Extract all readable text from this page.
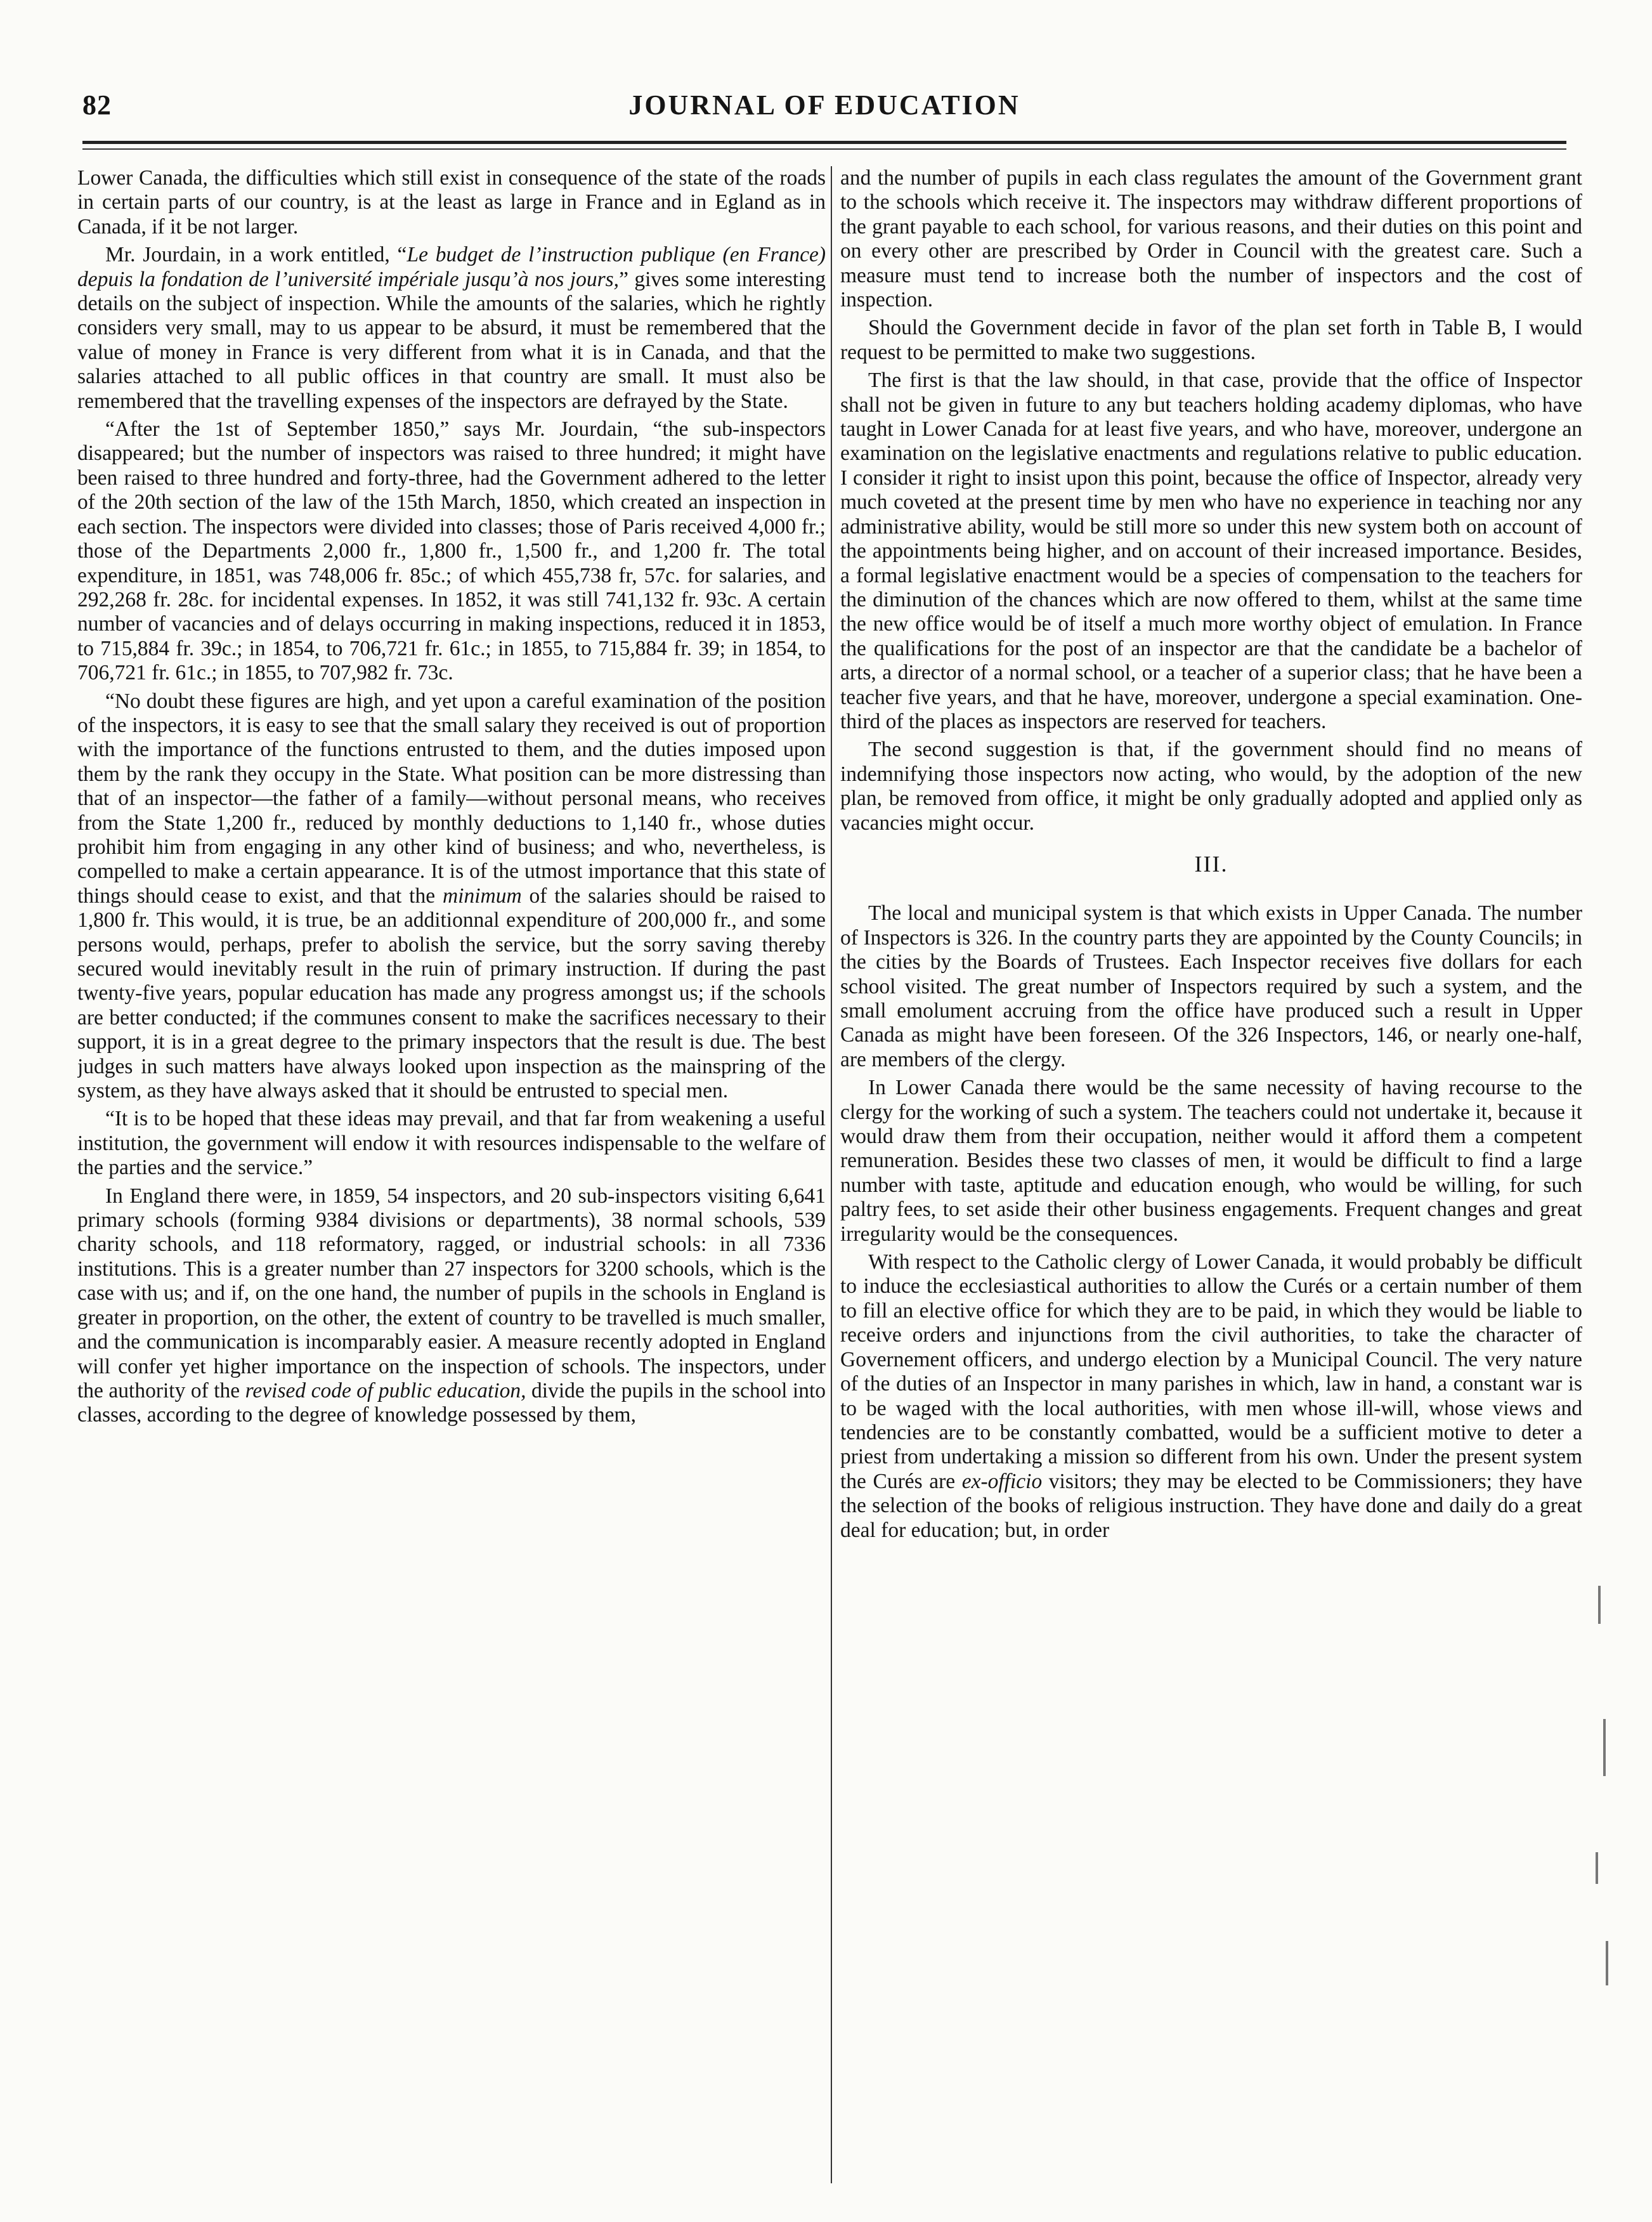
82	JOURNAL OF EDUCATION

Lower Canada, the difficulties which still exist in consequence of the state of the roads in certain parts of our country, is at the least as large in France and in Egland as in Canada, if it be not larger.

Mr. Jourdain, in a work entitled, “Le budget de l’instruction publique (en France) depuis la fondation de l’université impériale jusqu’à nos jours,” gives some interesting details on the subject of inspection. While the amounts of the salaries, which he rightly considers very small, may to us appear to be absurd, it must be remembered that the value of money in France is very different from what it is in Canada, and that the salaries attached to all public offices in that country are small. It must also be remembered that the travelling expenses of the inspectors are defrayed by the State.

“After the 1st of September 1850,” says Mr. Jourdain, “the sub-inspectors disappeared; but the number of inspectors was raised to three hundred; it might have been raised to three hundred and forty-three, had the Government adhered to the letter of the 20th section of the law of the 15th March, 1850, which created an inspection in each section. The inspectors were divided into classes; those of Paris received 4,000 fr.; those of the Departments 2,000 fr., 1,800 fr., 1,500 fr., and 1,200 fr. The total expenditure, in 1851, was 748,006 fr. 85c.; of which 455,738 fr, 57c. for salaries, and 292,268 fr. 28c. for incidental expenses. In 1852, it was still 741,132 fr. 93c. A certain number of vacancies and of delays occurring in making inspections, reduced it in 1853, to 715,884 fr. 39c.; in 1854, to 706,721 fr. 61c.; in 1855, to 715,884 fr. 39; in 1854, to 706,721 fr. 61c.; in 1855, to 707,982 fr. 73c.

“No doubt these figures are high, and yet upon a careful examination of the position of the inspectors, it is easy to see that the small salary they received is out of proportion with the importance of the functions entrusted to them, and the duties imposed upon them by the rank they occupy in the State. What position can be more distressing than that of an inspector—the father of a family—without personal means, who receives from the State 1,200 fr., reduced by monthly deductions to 1,140 fr., whose duties prohibit him from engaging in any other kind of business; and who, nevertheless, is compelled to make a certain appearance. It is of the utmost importance that this state of things should cease to exist, and that the minimum of the salaries should be raised to 1,800 fr. This would, it is true, be an additionnal expenditure of 200,000 fr., and some persons would, perhaps, prefer to abolish the service, but the sorry saving thereby secured would inevitably result in the ruin of primary instruction. If during the past twenty-five years, popular education has made any progress amongst us; if the schools are better conducted; if the communes consent to make the sacrifices necessary to their support, it is in a great degree to the primary inspectors that the result is due. The best judges in such matters have always looked upon inspection as the mainspring of the system, as they have always asked that it should be entrusted to special men.

“It is to be hoped that these ideas may prevail, and that far from weakening a useful institution, the government will endow it with resources indispensable to the welfare of the parties and the service.”

In England there were, in 1859, 54 inspectors, and 20 sub-inspectors visiting 6,641 primary schools (forming 9384 divisions or departments), 38 normal schools, 539 charity schools, and 118 reformatory, ragged, or industrial schools: in all 7336 institutions. This is a greater number than 27 inspectors for 3200 schools, which is the case with us; and if, on the one hand, the number of pupils in the schools in England is greater in proportion, on the other, the extent of country to be travelled is much smaller, and the communication is incomparably easier. A measure recently adopted in England will confer yet higher importance on the inspection of schools. The inspectors, under the authority of the revised code of public education, divide the pupils in the school into classes, according to the degree of knowledge possessed by them,

and the number of pupils in each class regulates the amount of the Government grant to the schools which receive it. The inspectors may withdraw different proportions of the grant payable to each school, for various reasons, and their duties on this point and on every other are prescribed by Order in Council with the greatest care. Such a measure must tend to increase both the number of inspectors and the cost of inspection.

Should the Government decide in favor of the plan set forth in Table B, I would request to be permitted to make two suggestions.

The first is that the law should, in that case, provide that the office of Inspector shall not be given in future to any but teachers holding academy diplomas, who have taught in Lower Canada for at least five years, and who have, moreover, undergone an examination on the legislative enactments and regulations relative to public education. I consider it right to insist upon this point, because the office of Inspector, already very much coveted at the present time by men who have no experience in teaching nor any administrative ability, would be still more so under this new system both on account of the appointments being higher, and on account of their increased importance. Besides, a formal legislative enactment would be a species of compensation to the teachers for the diminution of the chances which are now offered to them, whilst at the same time the new office would be of itself a much more worthy object of emulation. In France the qualifications for the post of an inspector are that the candidate be a bachelor of arts, a director of a normal school, or a teacher of a superior class; that he have been a teacher five years, and that he have, moreover, undergone a special examination. One-third of the places as inspectors are reserved for teachers.

The second suggestion is that, if the government should find no means of indemnifying those inspectors now acting, who would, by the adoption of the new plan, be removed from office, it might be only gradually adopted and applied only as vacancies might occur.

III.

The local and municipal system is that which exists in Upper Canada. The number of Inspectors is 326. In the country parts they are appointed by the County Councils; in the cities by the Boards of Trustees. Each Inspector receives five dollars for each school visited. The great number of Inspectors required by such a system, and the small emolument accruing from the office have produced such a result in Upper Canada as might have been foreseen. Of the 326 Inspectors, 146, or nearly one-half, are members of the clergy.

In Lower Canada there would be the same necessity of having recourse to the clergy for the working of such a system. The teachers could not undertake it, because it would draw them from their occupation, neither would it afford them a competent remuneration. Besides these two classes of men, it would be difficult to find a large number with taste, aptitude and education enough, who would be willing, for such paltry fees, to set aside their other business engagements. Frequent changes and great irregularity would be the consequences.

With respect to the Catholic clergy of Lower Canada, it would probably be difficult to induce the ecclesiastical authorities to allow the Curés or a certain number of them to fill an elective office for which they are to be paid, in which they would be liable to receive orders and injunctions from the civil authorities, to take the character of Governement officers, and undergo election by a Municipal Council. The very nature of the duties of an Inspector in many parishes in which, law in hand, a constant war is to be waged with the local authorities, with men whose ill-will, whose views and tendencies are to be constantly combatted, would be a sufficient motive to deter a priest from undertaking a mission so different from his own. Under the present system the Curés are ex-officio visitors; they may be elected to be Commissioners; they have the selection of the books of religious instruction. They have done and daily do a great deal for education; but, in order
